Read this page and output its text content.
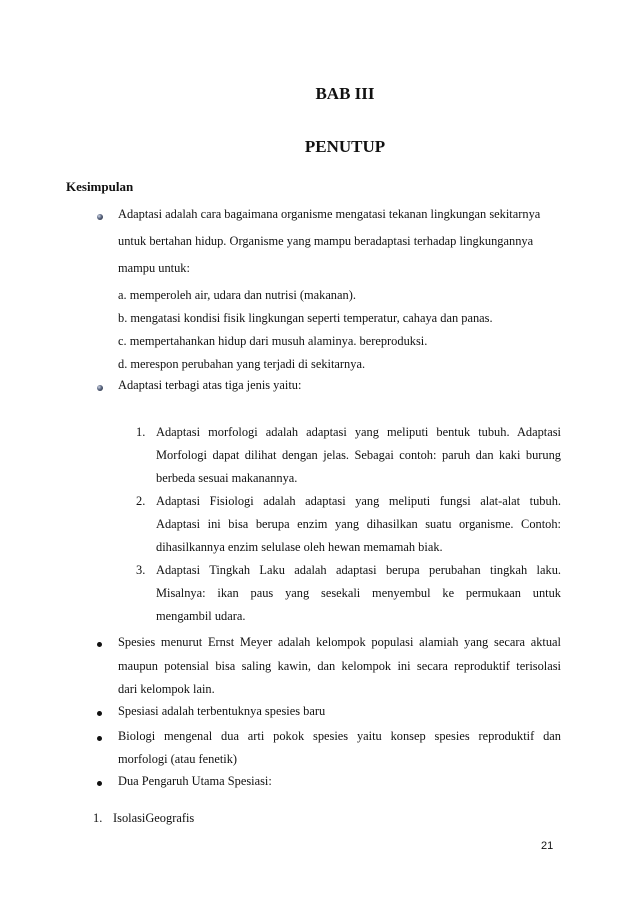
BAB III
PENUTUP
Kesimpulan
Adaptasi adalah cara bagaimana organisme mengatasi tekanan lingkungan sekitarnya
untuk bertahan hidup. Organisme yang mampu beradaptasi terhadap lingkungannya
mampu untuk:
a. memperoleh air, udara dan nutrisi (makanan).
b. mengatasi kondisi fisik lingkungan seperti temperatur, cahaya dan panas.
c. mempertahankan hidup dari musuh alaminya. bereproduksi.
d. merespon perubahan yang terjadi di sekitarnya.
Adaptasi terbagi atas tiga jenis yaitu:
1. Adaptasi morfologi adalah adaptasi yang meliputi bentuk tubuh. Adaptasi
Morfologi dapat dilihat dengan jelas. Sebagai contoh: paruh dan kaki burung
berbeda sesuai makanannya.
2. Adaptasi Fisiologi adalah adaptasi yang meliputi fungsi alat-alat tubuh.
Adaptasi ini bisa berupa enzim yang dihasilkan suatu organisme. Contoh:
dihasilkannya enzim selulase oleh hewan memamah biak.
3. Adaptasi Tingkah Laku adalah adaptasi berupa perubahan tingkah laku.
Misalnya: ikan paus yang sesekali menyembul ke permukaan untuk
mengambil udara.
Spesies menurut Ernst Meyer adalah kelompok populasi alamiah yang secara aktual
maupun potensial bisa saling kawin, dan kelompok ini secara reproduktif terisolasi
dari kelompok lain.
Spesiasi adalah terbentuknya spesies baru
Biologi mengenal dua arti pokok spesies yaitu konsep spesies reproduktif dan
morfologi (atau fenetik)
Dua Pengaruh Utama Spesiasi:
1. IsolasiGeografis
21
